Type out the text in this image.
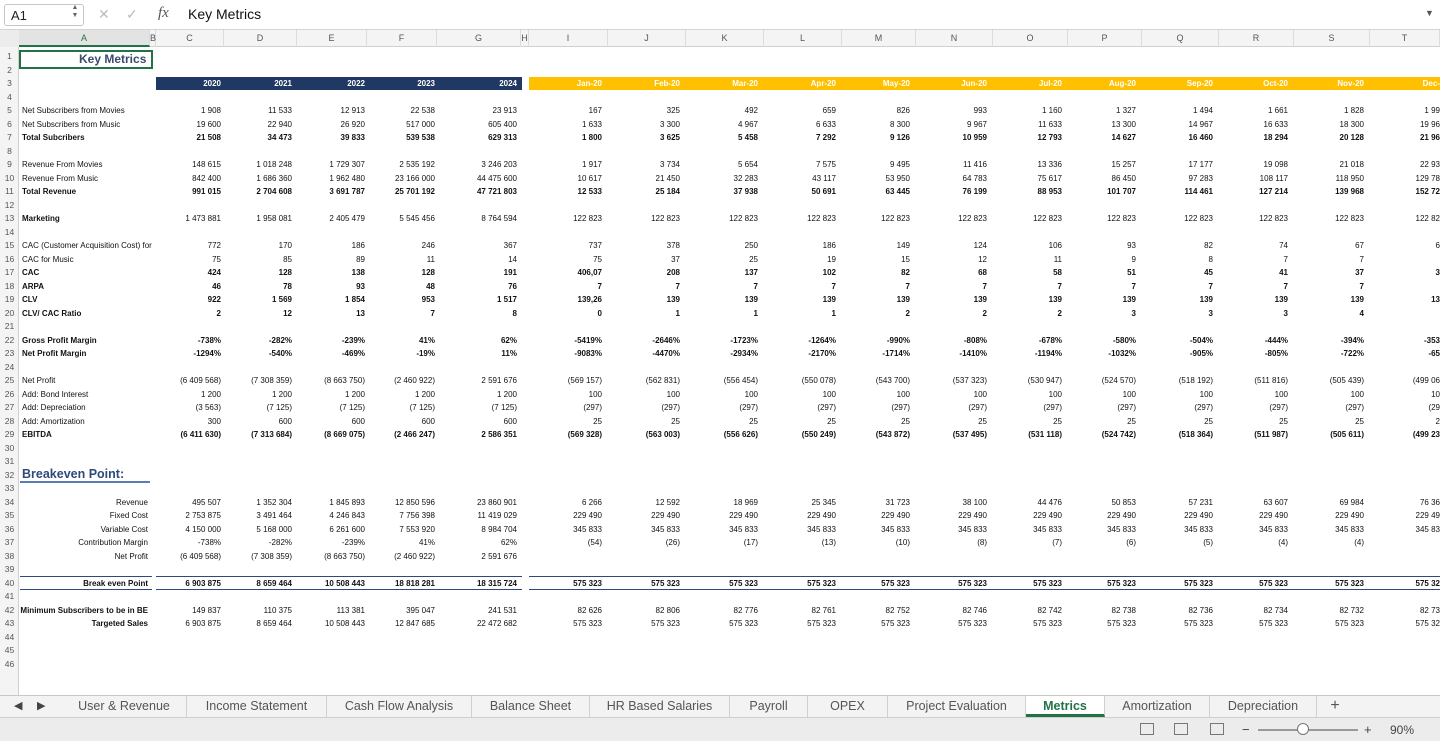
A1
▲
▼ ✕ ✓ fx Key Metrics	▼
A	B	C	D	E	F	G	H	I	J	K	L	M	N	O	P	Q	R	S	T
1
2
3
4
5
6
7
8
9
10
11
12
13
14
15
16
17
18
19
20
21
22
23
24
25
26
27
28
29
30
31
32
33
34
35
36
37
38
39
40
41
42
43
44
45
46
Key Metrics
2020	2021	2022	2023	2024	Jan-20	Feb-20	Mar-20	Apr-20	May-20	Jun-20	Jul-20	Aug-20	Sep-20	Oct-20	Nov-20	Dec-
Net Subscribers from Movies	1 908	11 533	12 913	22 538	23 913	167	325	492	659	826	993	1 160	1 327	1 494	1 661	1 828	1 99
Net Subscribers from Music	19 600	22 940	26 920	517 000	605 400	1 633	3 300	4 967	6 633	8 300	9 967	11 633	13 300	14 967	16 633	18 300	19 96
Total Subcribers	21 508	34 473	39 833	539 538	629 313	1 800	3 625	5 458	7 292	9 126	10 959	12 793	14 627	16 460	18 294	20 128	21 96
Revenue From Movies	148 615	1 018 248	1 729 307	2 535 192	3 246 203	1 917	3 734	5 654	7 575	9 495	11 416	13 336	15 257	17 177	19 098	21 018	22 93
Revenue From Music	842 400	1 686 360	1 962 480	23 166 000	44 475 600	10 617	21 450	32 283	43 117	53 950	64 783	75 617	86 450	97 283	108 117	118 950	129 78
Total Revenue	991 015	2 704 608	3 691 787	25 701 192	47 721 803	12 533	25 184	37 938	50 691	63 445	76 199	88 953	101 707	114 461	127 214	139 968	152 72
Marketing	1 473 881	1 958 081	2 405 479	5 545 456	8 764 594	122 823	122 823	122 823	122 823	122 823	122 823	122 823	122 823	122 823	122 823	122 823	122 82
CAC (Customer Acquisition Cost) for	772	170	186	246	367	737	378	250	186	149	124	106	93	82	74	67	6
CAC for Music	75	85	89	11	14	75	37	25	19	15	12	11	9	8	7	7
CAC	424	128	138	128	191	406,07	208	137	102	82	68	58	51	45	41	37	3
ARPA	46	78	93	48	76	7	7	7	7	7	7	7	7	7	7	7
CLV	922	1 569	1 854	953	1 517	139,26	139	139	139	139	139	139	139	139	139	139	13
CLV/ CAC Ratio	2	12	13	7	8	0	1	1	1	2	2	2	3	3	3	4
Gross Profit Margin	-738%	-282%	-239%	41%	62%	-5419%	-2646%	-1723%	-1264%	-990%	-808%	-678%	-580%	-504%	-444%	-394%	-353
Net Profit Margin	-1294%	-540%	-469%	-19%	11%	-9083%	-4470%	-2934%	-2170%	-1714%	-1410%	-1194%	-1032%	-905%	-805%	-722%	-65
Net Profit	(6 409 568)	(7 308 359)	(8 663 750)	(2 460 922)	2 591 676	(569 157)	(562 831)	(556 454)	(550 078)	(543 700)	(537 323)	(530 947)	(524 570)	(518 192)	(511 816)	(505 439)	(499 06
Add: Bond Interest	1 200	1 200	1 200	1 200	1 200	100	100	100	100	100	100	100	100	100	100	100	10
Add: Depreciation	(3 563)	(7 125)	(7 125)	(7 125)	(7 125)	(297)	(297)	(297)	(297)	(297)	(297)	(297)	(297)	(297)	(297)	(297)	(29
Add: Amortization	300	600	600	600	600	25	25	25	25	25	25	25	25	25	25	25	2
EBITDA	(6 411 630)	(7 313 684)	(8 669 075)	(2 466 247)	2 586 351	(569 328)	(563 003)	(556 626)	(550 249)	(543 872)	(537 495)	(531 118)	(524 742)	(518 364)	(511 987)	(505 611)	(499 23
Breakeven Point:
Revenue	495 507	1 352 304	1 845 893	12 850 596	23 860 901	6 266	12 592	18 969	25 345	31 723	38 100	44 476	50 853	57 231	63 607	69 984	76 36
Fixed Cost	2 753 875	3 491 464	4 246 843	7 756 398	11 419 029	229 490	229 490	229 490	229 490	229 490	229 490	229 490	229 490	229 490	229 490	229 490	229 49
Variable Cost	4 150 000	5 168 000	6 261 600	7 553 920	8 984 704	345 833	345 833	345 833	345 833	345 833	345 833	345 833	345 833	345 833	345 833	345 833	345 83
Contribution Margin	-738%	-282%	-239%	41%	62%	(54)	(26)	(17)	(13)	(10)	(8)	(7)	(6)	(5)	(4)	(4)
Net Profit	(6 409 568)	(7 308 359)	(8 663 750)	(2 460 922)	2 591 676
Break even Point	6 903 875	8 659 464	10 508 443	18 818 281	18 315 724	575 323	575 323	575 323	575 323	575 323	575 323	575 323	575 323	575 323	575 323	575 323	575 32
Minimum Subscribers to be in BE	149 837	110 375	113 381	395 047	241 531	82 626	82 806	82 776	82 761	82 752	82 746	82 742	82 738	82 736	82 734	82 732	82 73
Targeted Sales	6 903 875	8 659 464	10 508 443	12 847 685	22 472 682	575 323	575 323	575 323	575 323	575 323	575 323	575 323	575 323	575 323	575 323	575 323	575 32
◀ ▶	User & Revenue	Income Statement	Cash Flow Analysis	Balance Sheet	HR Based Salaries	Payroll	OPEX	Project Evaluation	Metrics	Amortization	Depreciation	+
−	+ 90%
